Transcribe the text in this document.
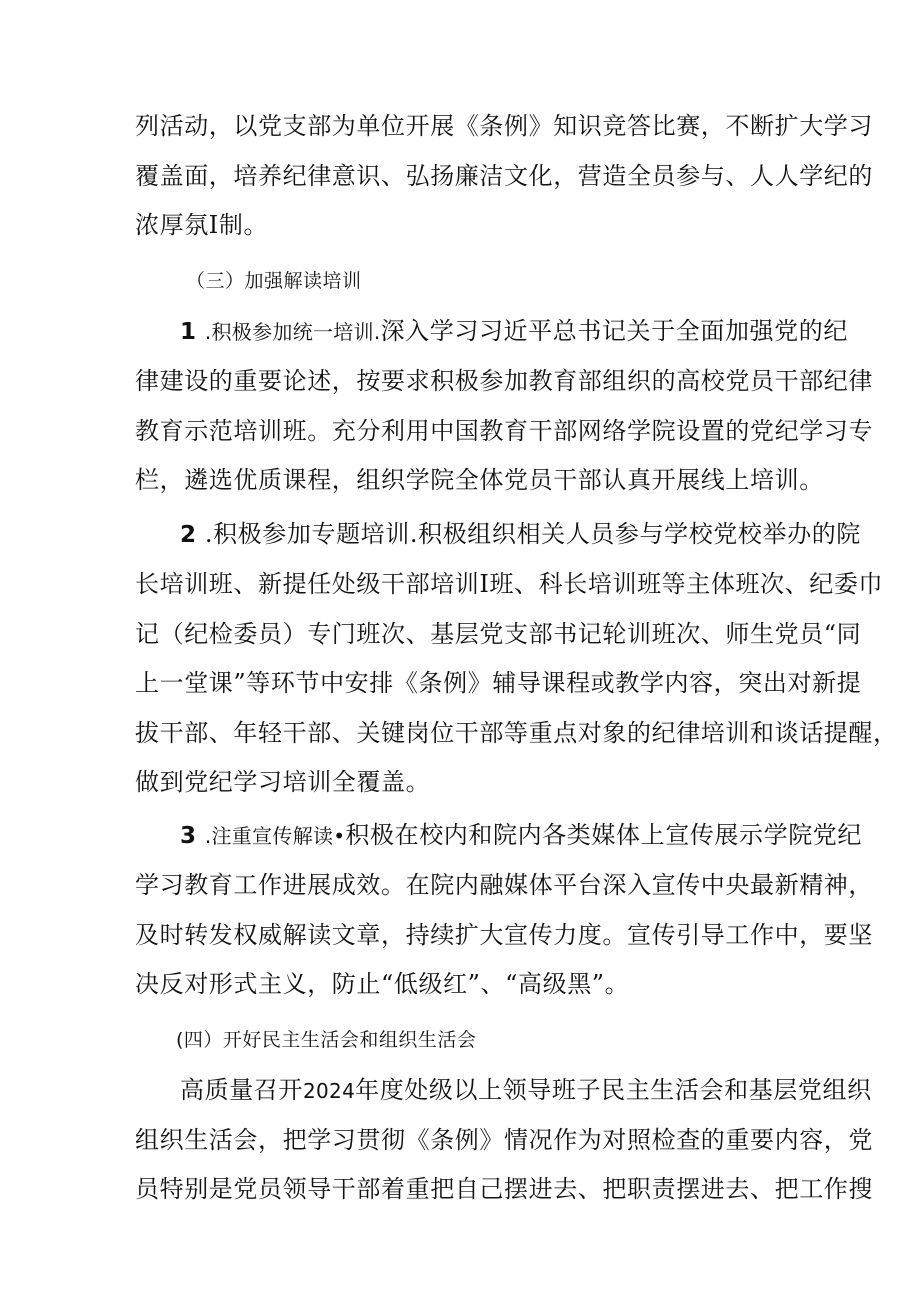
列活动，以党支部为单位开展《条例》知识竞答比赛，不断扩大学习
覆盖面，培养纪律意识、弘扬廉洁文化，营造全员参与、人人学纪的
浓厚氛I制。
（三）加强解读培训
1 .积极参加统一培训.深入学习习近平总书记关于全面加强党的纪
律建设的重要论述，按要求积极参加教育部组织的高校党员干部纪律
教育示范培训班。充分利用中国教育干部网络学院设置的党纪学习专
栏，遴选优质课程，组织学院全体党员干部认真开展线上培训。
2 .积极参加专题培训.积极组织相关人员参与学校党校举办的院
长培训班、新提任处级干部培训I班、科长培训班等主体班次、纪委巾
记（纪检委员）专门班次、基层党支部书记轮训班次、师生党员“同
上一堂课”等环节中安排《条例》辅导课程或教学内容，突出对新提
拔干部、年轻干部、关键岗位干部等重点对象的纪律培训和谈话提醒，
做到党纪学习培训全覆盖。
3 .注重宣传解读•积极在校内和院内各类媒体上宣传展示学院党纪
学习教育工作进展成效。在院内融媒体平台深入宣传中央最新精神，
及时转发权威解读文章，持续扩大宣传力度。宣传引导工作中，要坚
决反对形式主义，防止“低级红”、“高级黑”。
(四）开好民主生活会和组织生活会
高质量召开2024年度处级以上领导班子民主生活会和基层党组织
组织生活会，把学习贯彻《条例》情况作为对照检查的重要内容，党
员特别是党员领导干部着重把自己摆进去、把职责摆进去、把工作搜
